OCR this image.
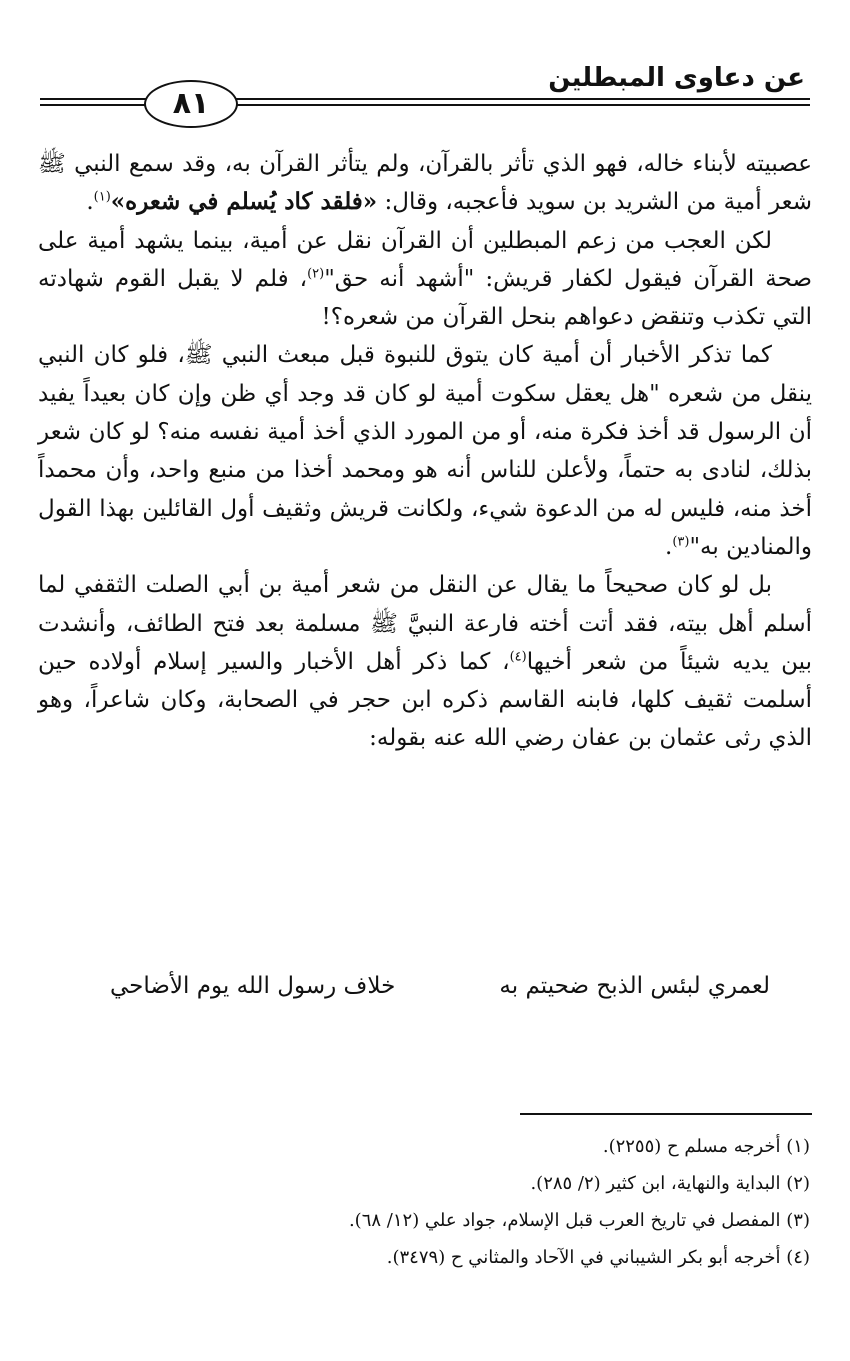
عن دعاوى المبطلين
٨١

عصبيته لأبناء خاله، فهو الذي تأثر بالقرآن، ولم يتأثر القرآن به، وقد سمع النبي ﷺ شعر أمية من الشريد بن سويد فأعجبه، وقال: «فلقد كاد يُسلم في شعره»$^{(١)}$.

لكن العجب من زعم المبطلين أن القرآن نقل عن أمية، بينما يشهد أمية على صحة القرآن فيقول لكفار قريش: "أشهد أنه حق"$^{(٢)}$، فلم لا يقبل القوم شهادته التي تكذب وتنقض دعواهم بنحل القرآن من شعره؟!

كما تذكر الأخبار أن أمية كان يتوق للنبوة قبل مبعث النبي ﷺ، فلو كان النبي ينقل من شعره "هل يعقل سكوت أمية لو كان قد وجد أي ظن وإن كان بعيداً يفيد أن الرسول قد أخذ فكرة منه، أو من المورد الذي أخذ أمية نفسه منه؟ لو كان شعر بذلك، لنادى به حتماً، ولأعلن للناس أنه هو ومحمد أخذا من منبع واحد، وأن محمداً أخذ منه، فليس له من الدعوة شيء، ولكانت قريش وثقيف أول القائلين بهذا القول والمنادين به"$^{(٣)}$.

بل لو كان صحيحاً ما يقال عن النقل من شعر أمية بن أبي الصلت الثقفي لما أسلم أهل بيته، فقد أتت أخته فارعة النبيَّ ﷺ مسلمة بعد فتح الطائف، وأنشدت بين يديه شيئاً من شعر أخيها$^{(٤)}$، كما ذكر أهل الأخبار والسير إسلام أولاده حين أسلمت ثقيف كلها، فابنه القاسم ذكره ابن حجر في الصحابة، وكان شاعراً، وهو الذي رثى عثمان بن عفان رضي الله عنه بقوله:

لعمري لبئس الذبح ضحيتم به
خلاف رسول الله يوم الأضاحي

(١) أخرجه مسلم ح (٢٢٥٥).

(٢) البداية والنهاية، ابن كثير (٢/ ٢٨٥).

(٣) المفصل في تاريخ العرب قبل الإسلام، جواد علي (١٢/ ٦٨).

(٤) أخرجه أبو بكر الشيباني في الآحاد والمثاني ح (٣٤٧٩).
